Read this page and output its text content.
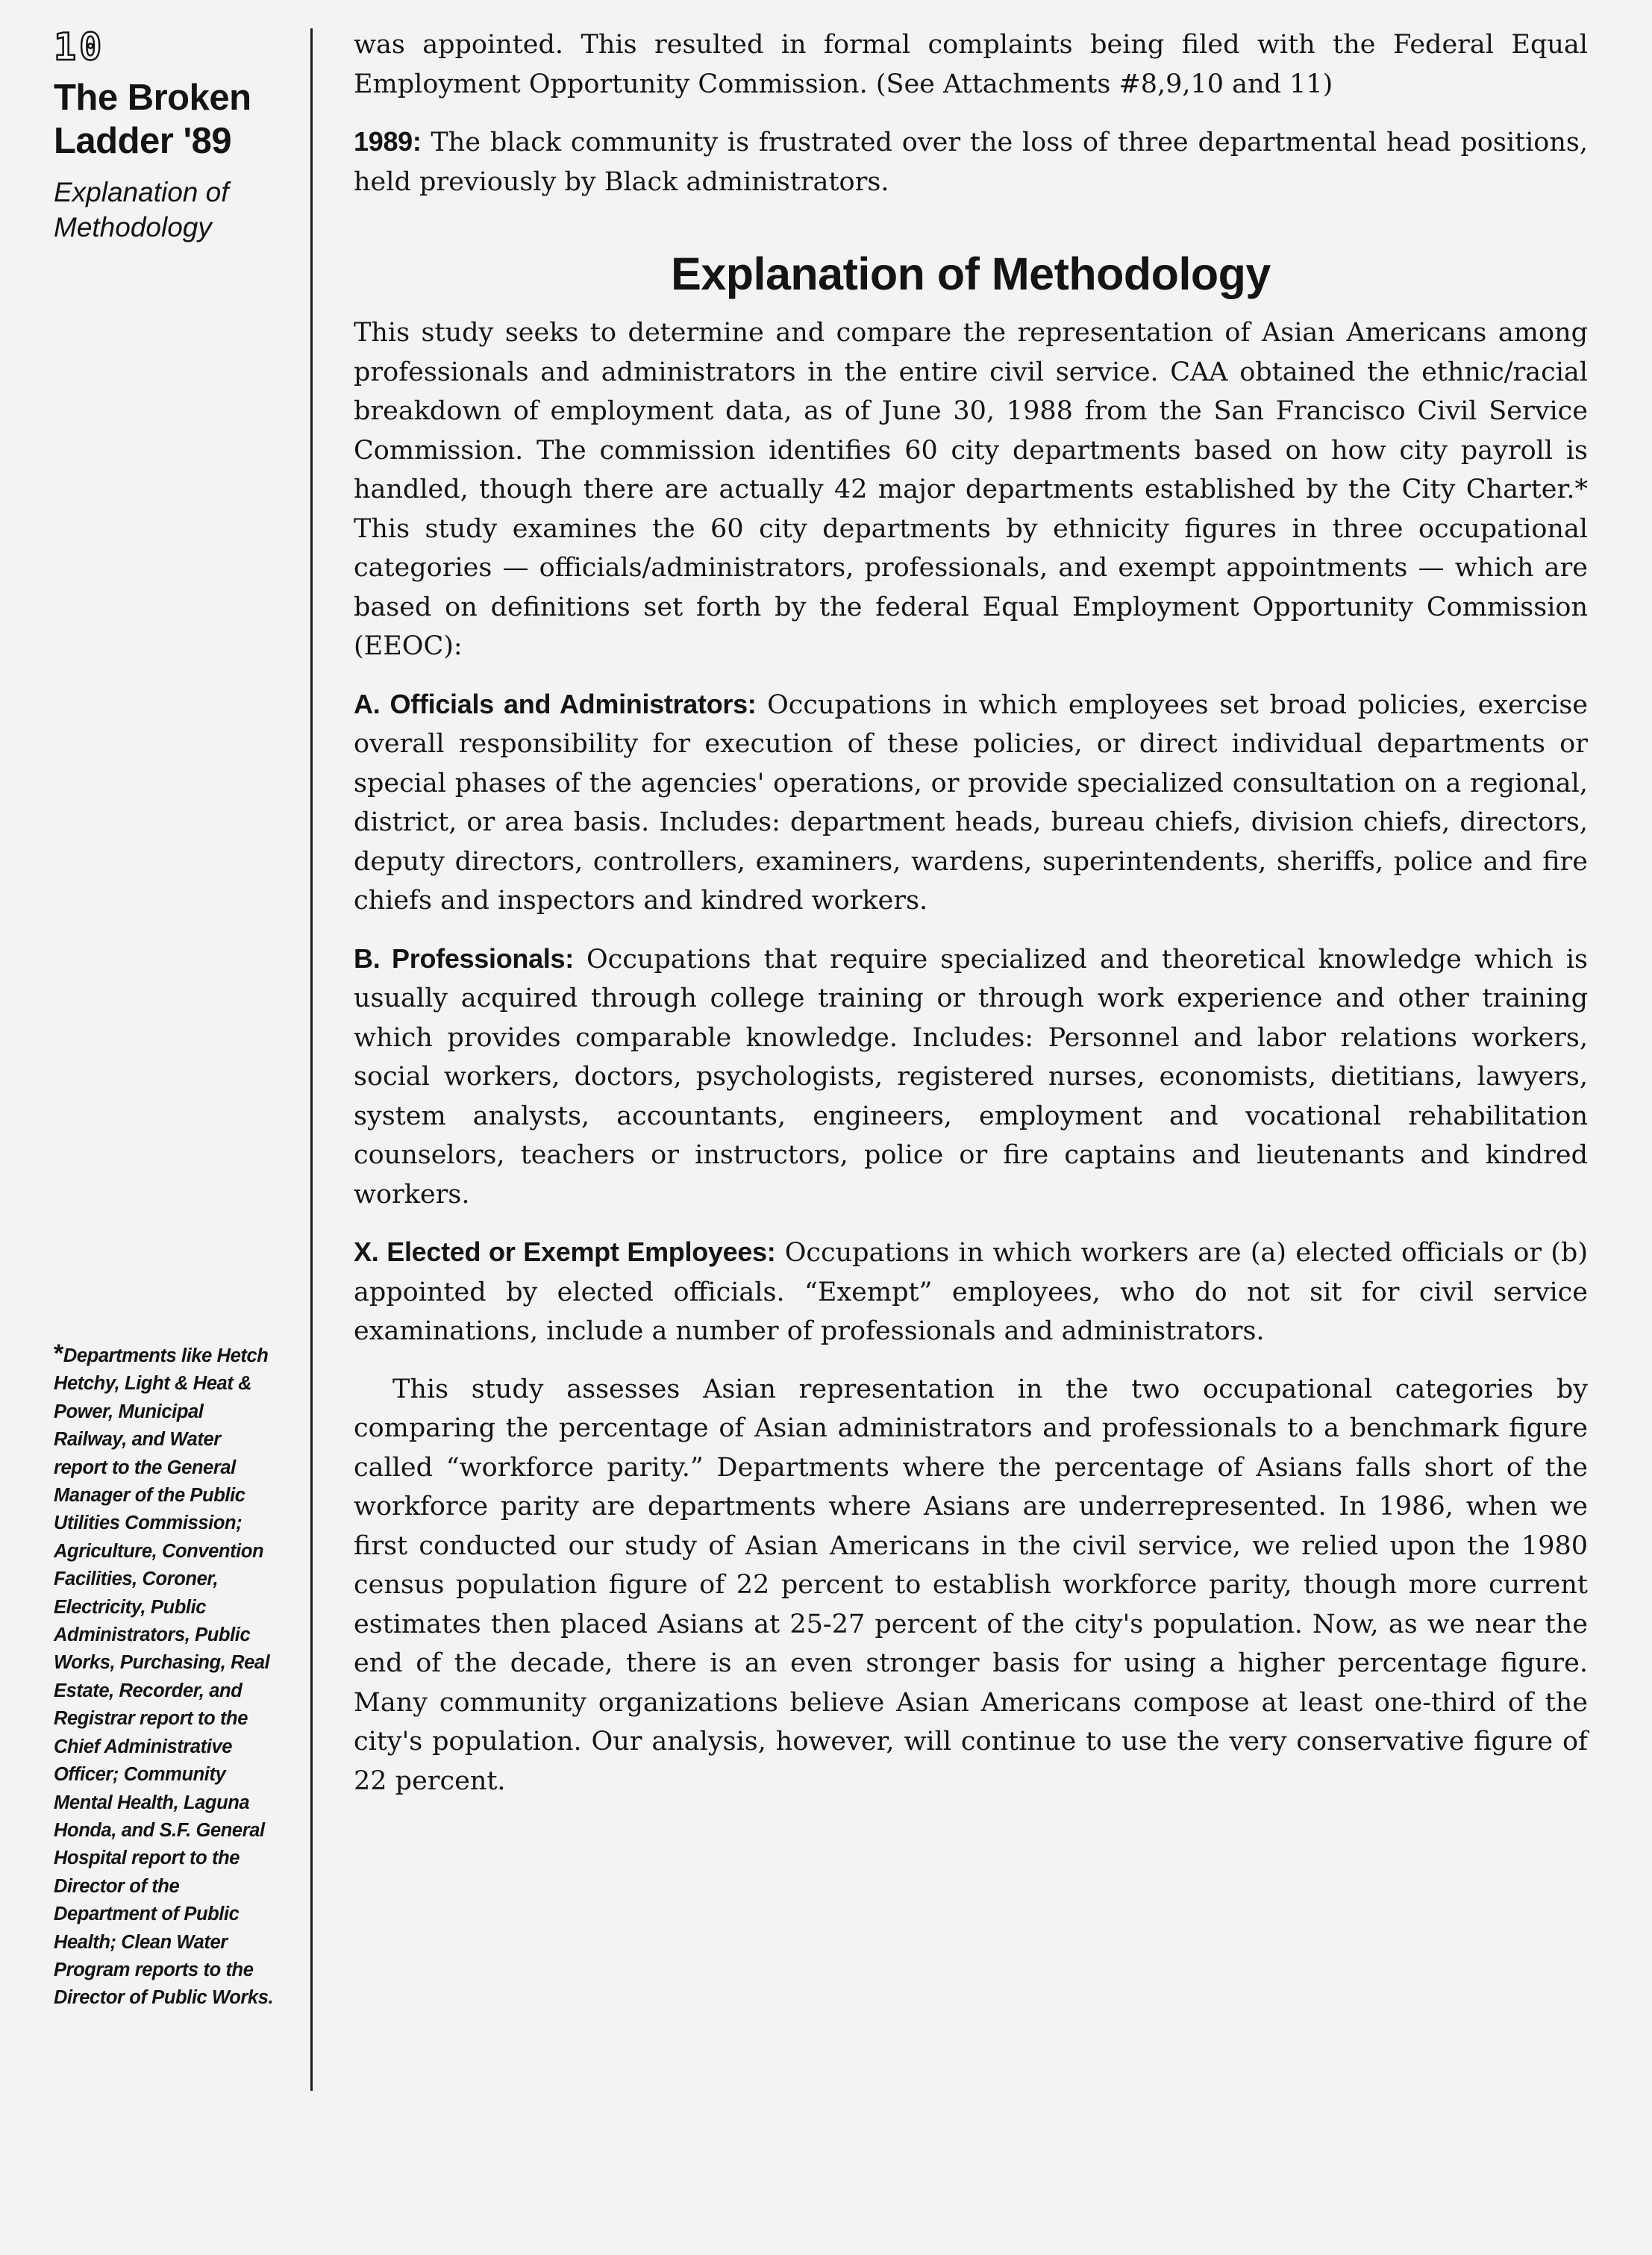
10
The Broken Ladder '89
Explanation of Methodology
*Departments like Hetch Hetchy, Light & Heat & Power, Municipal Railway, and Water report to the General Manager of the Public Utilities Commission; Agriculture, Convention Facilities, Coroner, Electricity, Public Administrators, Public Works, Purchasing, Real Estate, Recorder, and Registrar report to the Chief Administrative Officer; Community Mental Health, Laguna Honda, and S.F. General Hospital report to the Director of the Department of Public Health; Clean Water Program reports to the Director of Public Works.

was appointed. This resulted in formal complaints being filed with the Federal Equal Employment Opportunity Commission. (See Attachments #8,9,10 and 11)

1989: The black community is frustrated over the loss of three departmental head positions, held previously by Black administrators.

Explanation of Methodology

This study seeks to determine and compare the representation of Asian Americans among professionals and administrators in the entire civil service. CAA obtained the ethnic/racial breakdown of employment data, as of June 30, 1988 from the San Francisco Civil Service Commission. The commission identifies 60 city departments based on how city payroll is handled, though there are actually 42 major departments established by the City Charter.* This study examines the 60 city departments by ethnicity figures in three occupational categories — officials/administrators, professionals, and exempt appointments — which are based on definitions set forth by the federal Equal Employment Opportunity Commission (EEOC):

A. Officials and Administrators: Occupations in which employees set broad policies, exercise overall responsibility for execution of these policies, or direct individual departments or special phases of the agencies' operations, or provide specialized consultation on a regional, district, or area basis. Includes: department heads, bureau chiefs, division chiefs, directors, deputy directors, controllers, examiners, wardens, superintendents, sheriffs, police and fire chiefs and inspectors and kindred workers.

B. Professionals: Occupations that require specialized and theoretical knowledge which is usually acquired through college training or through work experience and other training which provides comparable knowledge. Includes: Personnel and labor relations workers, social workers, doctors, psychologists, registered nurses, economists, dietitians, lawyers, system analysts, accountants, engineers, employment and vocational rehabilitation counselors, teachers or instructors, police or fire captains and lieutenants and kindred workers.

X. Elected or Exempt Employees: Occupations in which workers are (a) elected officials or (b) appointed by elected officials. “Exempt” employees, who do not sit for civil service examinations, include a number of professionals and administrators.

This study assesses Asian representation in the two occupational categories by comparing the percentage of Asian administrators and professionals to a benchmark figure called “workforce parity.” Departments where the percentage of Asians falls short of the workforce parity are departments where Asians are underrepresented. In 1986, when we first conducted our study of Asian Americans in the civil service, we relied upon the 1980 census population figure of 22 percent to establish workforce parity, though more current estimates then placed Asians at 25-27 percent of the city's population. Now, as we near the end of the decade, there is an even stronger basis for using a higher percentage figure. Many community organizations believe Asian Americans compose at least one-third of the city's population. Our analysis, however, will continue to use the very conservative figure of 22 percent.
